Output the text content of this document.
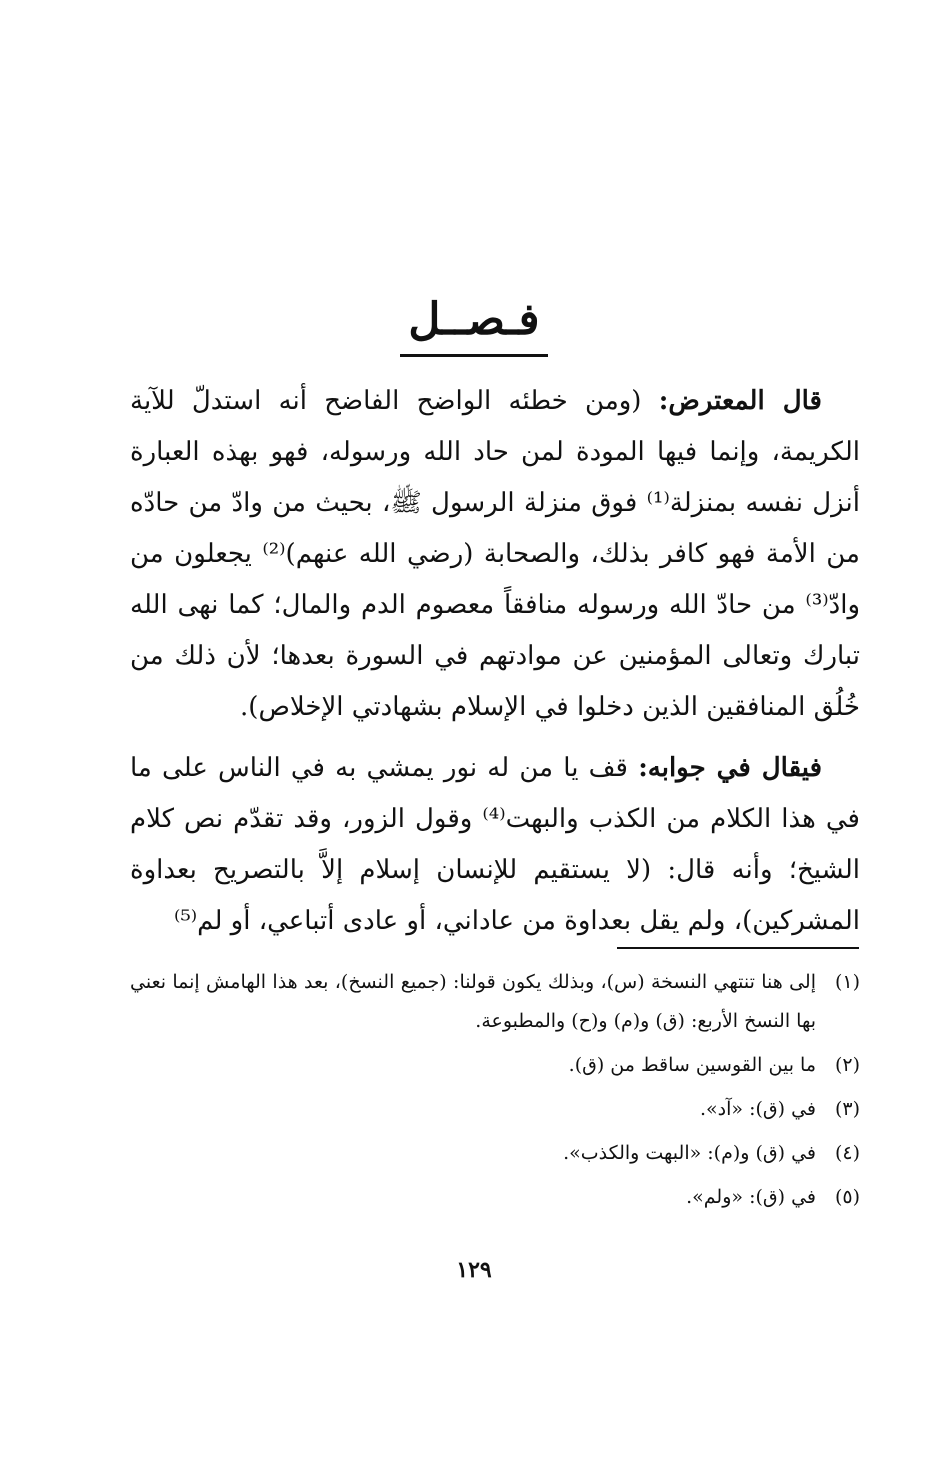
فـصــل

قال المعترض: (ومن خطئه الواضح الفاضح أنه استدلّ للآية الكريمة، وإنما فيها المودة لمن حاد الله ورسوله، فهو بهذه العبارة أنزل نفسه بمنزلة⁽¹⁾ فوق منزلة الرسول ﷺ، بحيث من وادّ من حادّه من الأمة فهو كافر بذلك، والصحابة (رضي الله عنهم)⁽²⁾ يجعلون من وادّ⁽³⁾ من حادّ الله ورسوله منافقاً معصوم الدم والمال؛ كما نهى الله تبارك وتعالى المؤمنين عن موادتهم في السورة بعدها؛ لأن ذلك من خُلُق المنافقين الذين دخلوا في الإسلام بشهادتي الإخلاص).

فيقال في جوابه: قف يا من له نور يمشي به في الناس على ما في هذا الكلام من الكذب والبهت⁽⁴⁾ وقول الزور، وقد تقدّم نص كلام الشيخ؛ وأنه قال: (لا يستقيم للإنسان إسلام إلاَّ بالتصريح بعداوة المشركين)، ولم يقل بعداوة من عاداني، أو عادى أتباعي، أو لم⁽⁵⁾

(١)
إلى هنا تنتهي النسخة (س)، وبذلك يكون قولنا: (جميع النسخ)، بعد هذا الهامش إنما نعني بها النسخ الأربع: (ق) و(م) و(ح) والمطبوعة.
(٢)
ما بين القوسين ساقط من (ق).
(٣)
في (ق): «آد».
(٤)
في (ق) و(م): «البهت والكذب».
(٥)
في (ق): «ولم».
١٢٩
